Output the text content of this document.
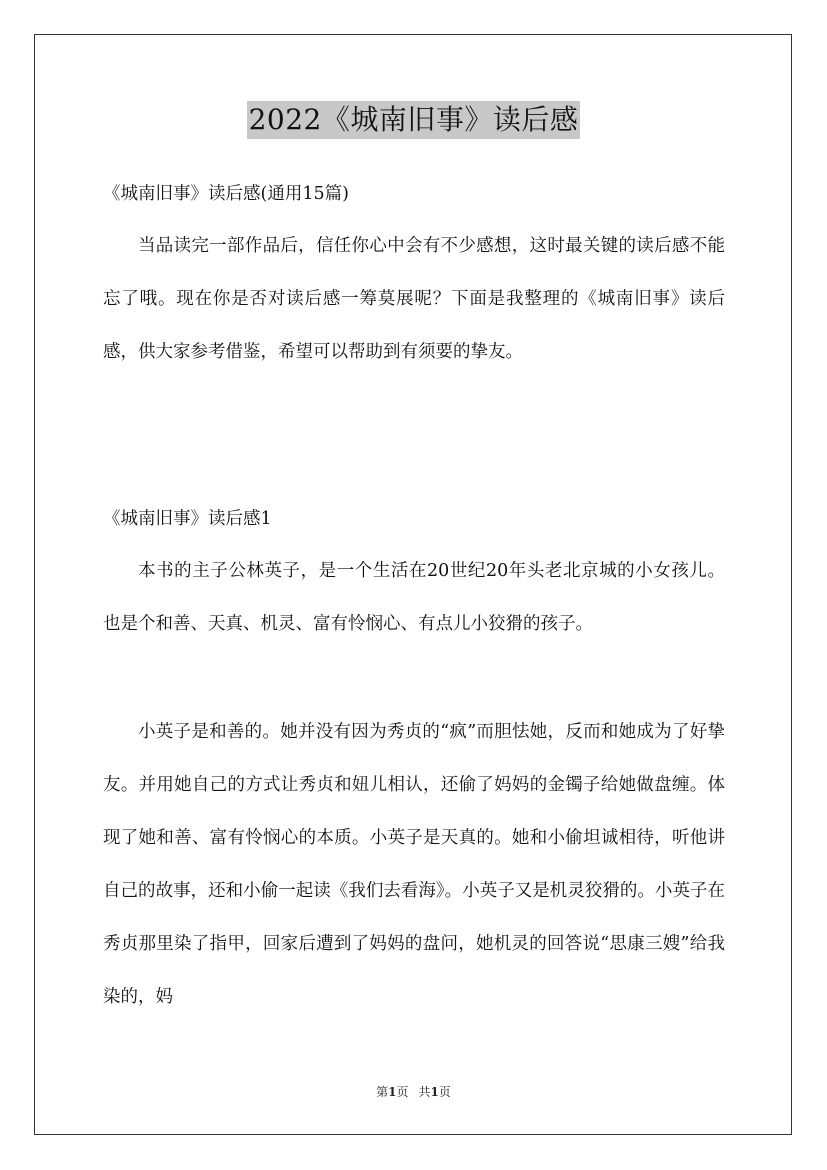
2022《城南旧事》读后感

《城南旧事》读后感(通用15篇)

当品读完一部作品后，信任你心中会有不少感想，这时最关键的读后感不能忘了哦。现在你是否对读后感一筹莫展呢？下面是我整理的《城南旧事》读后感，供大家参考借鉴，希望可以帮助到有须要的挚友。

《城南旧事》读后感1

本书的主子公林英子，是一个生活在20世纪20年头老北京城的小女孩儿。也是个和善、天真、机灵、富有怜悯心、有点儿小狡猾的孩子。

小英子是和善的。她并没有因为秀贞的“疯”而胆怯她，反而和她成为了好挚友。并用她自己的方式让秀贞和妞儿相认，还偷了妈妈的金镯子给她做盘缠。体现了她和善、富有怜悯心的本质。小英子是天真的。她和小偷坦诚相待，听他讲自己的故事，还和小偷一起读《我们去看海》。小英子又是机灵狡猾的。小英子在秀贞那里染了指甲，回家后遭到了妈妈的盘问，她机灵的回答说“思康三嫂”给我染的，妈

第1页 共1页
